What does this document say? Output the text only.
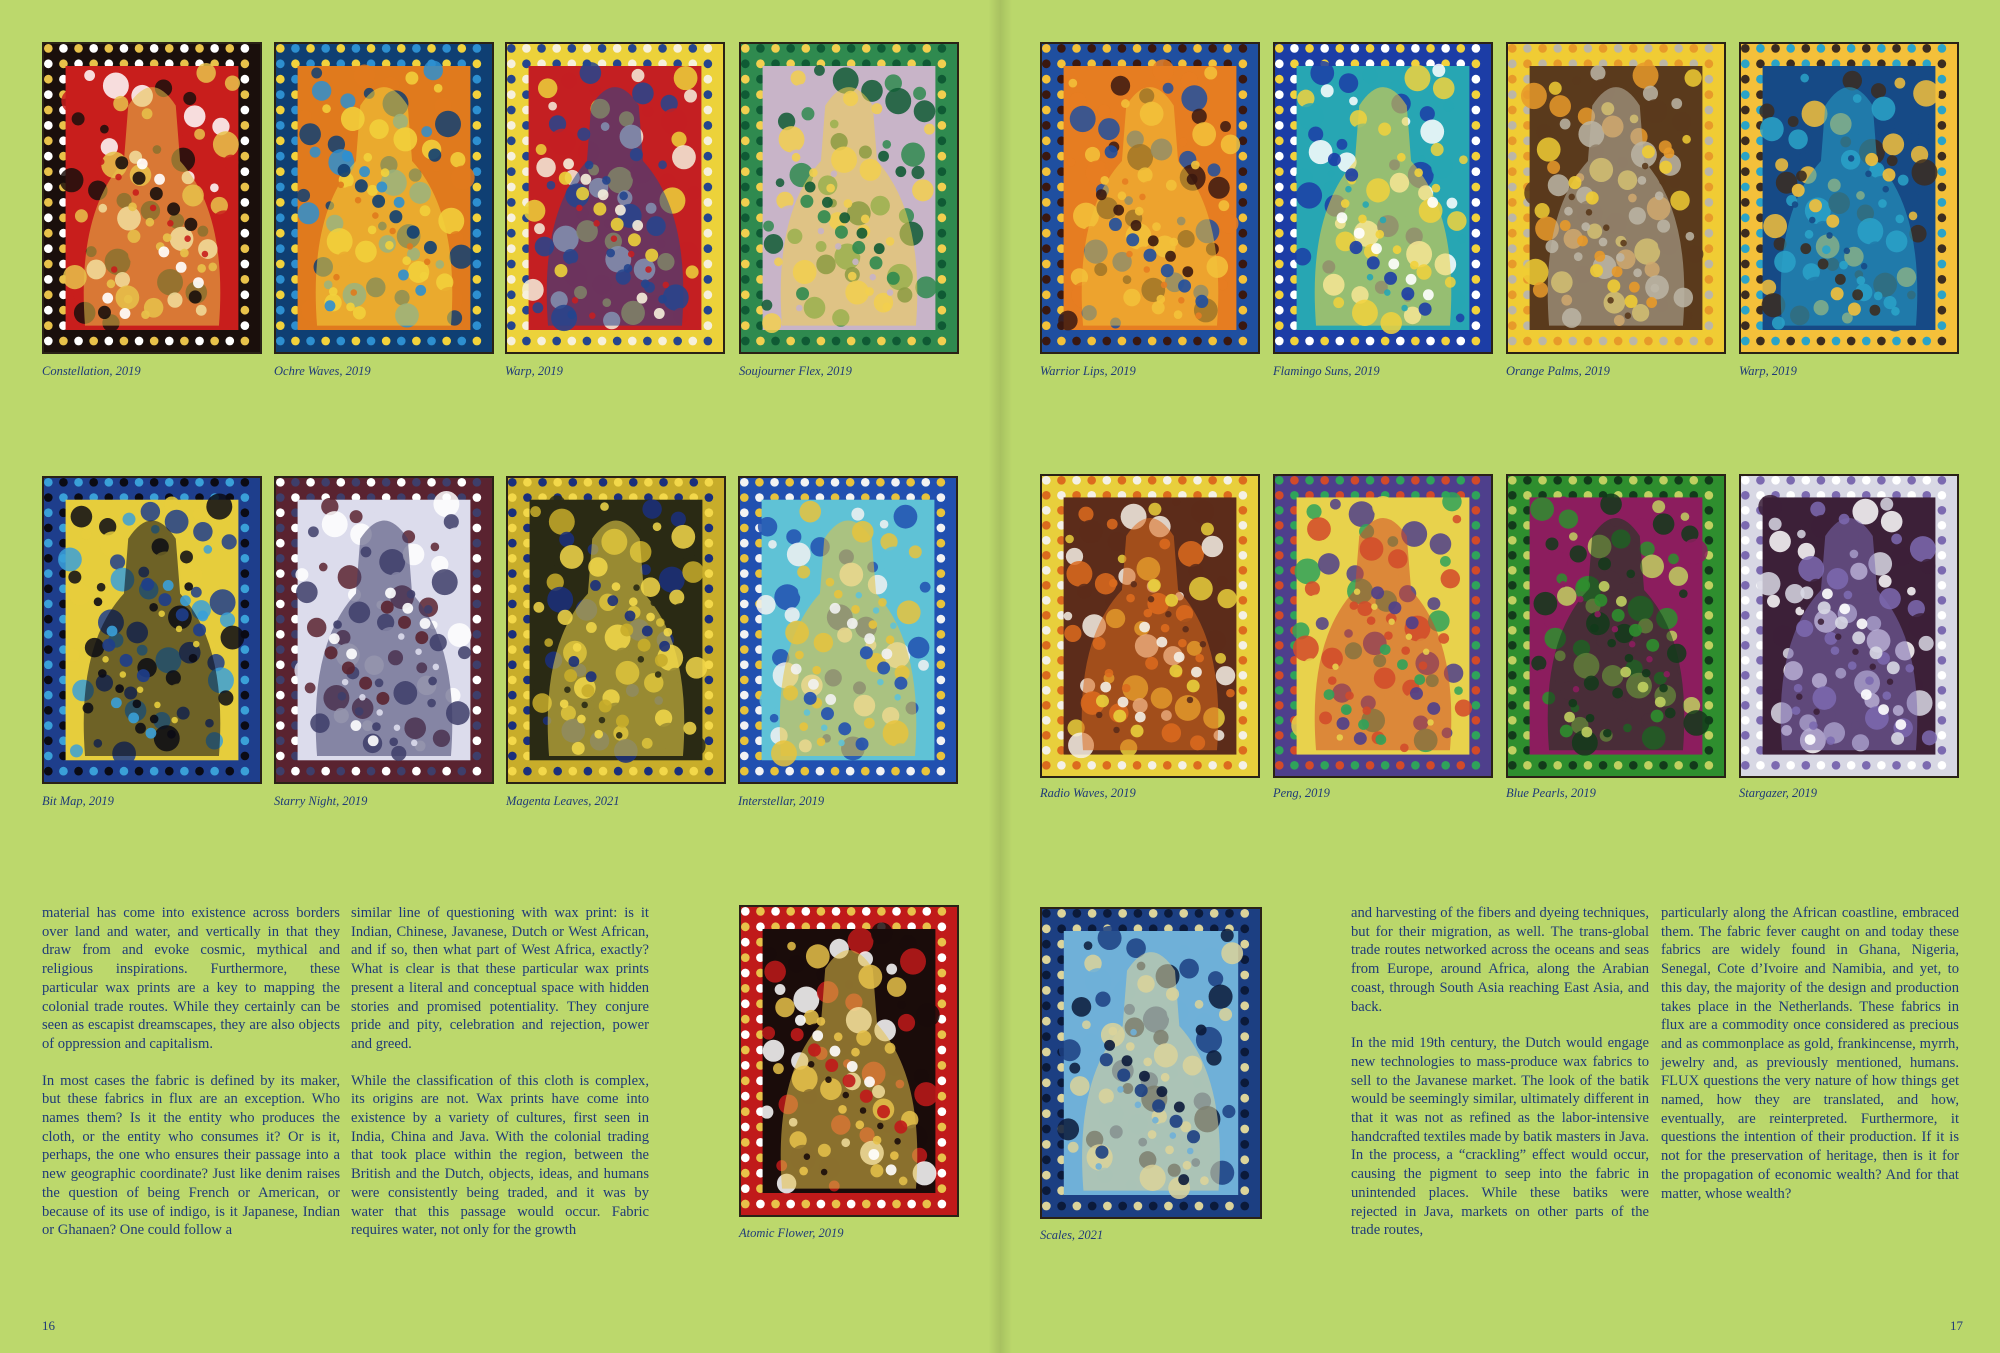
Constellation, 2019	Ochre Waves, 2019	Warp, 2019	Soujourner Flex, 2019	Warrior Lips, 2019	Flamingo Suns, 2019	Orange Palms, 2019	Warp, 2019
Bit Map, 2019	Starry Night, 2019	Magenta Leaves, 2021	Interstellar, 2019
Radio Waves, 2019	Peng, 2019	Blue Pearls, 2019	Stargazer, 2019
Atomic Flower, 2019	Scales, 2021

material has come into existence across borders over land and water, and vertically in that they draw from and evoke cosmic, mythical and religious inspirations. Furthermore, these particular wax prints are a key to mapping the colonial trade routes. While they certainly can be seen as escapist dreamscapes, they are also objects of oppression and capitalism.

In most cases the fabric is defined by its maker, but these fabrics in flux are an exception. Who names them? Is it the entity who produces the cloth, or the entity who consumes it? Or is it, perhaps, the one who ensures their passage into a new geographic coordinate? Just like denim raises the question of being French or American, or because of its use of indigo, is it Japanese, Indian or Ghanaen? One could follow a

similar line of questioning with wax print: is it Indian, Chinese, Javanese, Dutch or West African, and if so, then what part of West Africa, exactly? What is clear is that these particular wax prints present a literal and conceptual space with hidden stories and promised potentiality. They conjure pride and pity, celebration and rejection, power and greed.

While the classification of this cloth is complex, its origins are not. Wax prints have come into existence by a variety of cultures, first seen in India, China and Java. With the colonial trading that took place within the region, between the British and the Dutch, objects, ideas, and humans were consistently being traded, and it was by water that this passage would occur. Fabric requires water, not only for the growth

and harvesting of the fibers and dyeing techniques, but for their migration, as well. The trans-global trade routes networked across the oceans and seas from Europe, around Africa, along the Arabian coast, through South Asia reaching East Asia, and back.

In the mid 19th century, the Dutch would engage new technologies to mass-produce wax fabrics to sell to the Javanese market. The look of the batik would be seemingly similar, ultimately different in that it was not as refined as the labor-intensive handcrafted textiles made by batik masters in Java. In the process, a “crackling” effect would occur, causing the pigment to seep into the fabric in unintended places. While these batiks were rejected in Java, markets on other parts of the trade routes,

particularly along the African coastline, embraced them. The fabric fever caught on and today these fabrics are widely found in Ghana, Nigeria, Senegal, Cote d’Ivoire and Namibia, and yet, to this day, the majority of the design and production takes place in the Netherlands. These fabrics in flux are a commodity once considered as precious and as commonplace as gold, frankincense, myrrh, jewelry and, as previously mentioned, humans. FLUX questions the very nature of how things get named, how they are translated, and how, eventually, are reinterpreted. Furthermore, it questions the intention of their production. If it is not for the preservation of heritage, then is it for the propagation of economic wealth? And for that matter, whose wealth?

16	17
